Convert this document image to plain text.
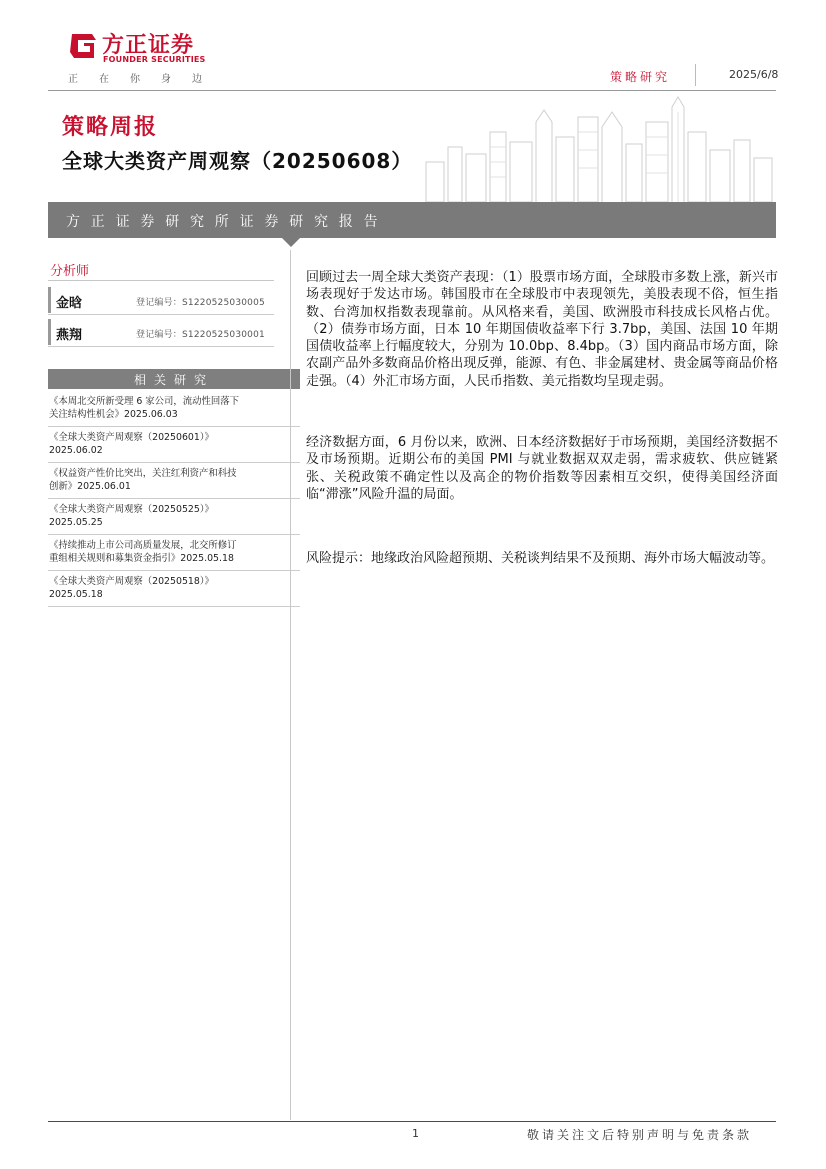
方正证券
FOUNDER SECURITIES
正 在 你 身 边	策略研究	2025/6/8
策略周报
全球大类资产周观察（20250608）
方正证券研究所证券研究报告
分析师
金晗	登记编号：S1220525030005
燕翔	登记编号：S1220525030001
相关研究
《本周北交所新受理 6 家公司，流动性回落下
关注结构性机会》2025.06.03
《全球大类资产周观察（20250601）》
2025.06.02
《权益资产性价比突出，关注红利资产和科技
创新》2025.06.01
《全球大类资产周观察（20250525）》
2025.05.25
《持续推动上市公司高质量发展，北交所修订
重组相关规则和募集资金指引》2025.05.18
《全球大类资产周观察（20250518）》
2025.05.18
回顾过去一周全球大类资产表现：（1）股票市场方面，全球股市多数上涨，新兴市场表现好于发达市场。韩国股市在全球股市中表现领先，美股表现不俗，恒生指数、台湾加权指数表现靠前。从风格来看，美国、欧洲股市科技成长风格占优。（2）债券市场方面，日本 10 年期国债收益率下行 3.7bp，美国、法国 10 年期国债收益率上行幅度较大，分别为 10.0bp、8.4bp。（3）国内商品市场方面，除农副产品外多数商品价格出现反弹，能源、有色、非金属建材、贵金属等商品价格走强。（4）外汇市场方面，人民币指数、美元指数均呈现走弱。
经济数据方面，6 月份以来，欧洲、日本经济数据好于市场预期，美国经济数据不及市场预期。近期公布的美国 PMI 与就业数据双双走弱，需求疲软、供应链紧张、关税政策不确定性以及高企的物价指数等因素相互交织，使得美国经济面临“滞涨”风险升温的局面。
风险提示：地缘政治风险超预期、关税谈判结果不及预期、海外市场大幅波动等。
1	敬请关注文后特别声明与免责条款
